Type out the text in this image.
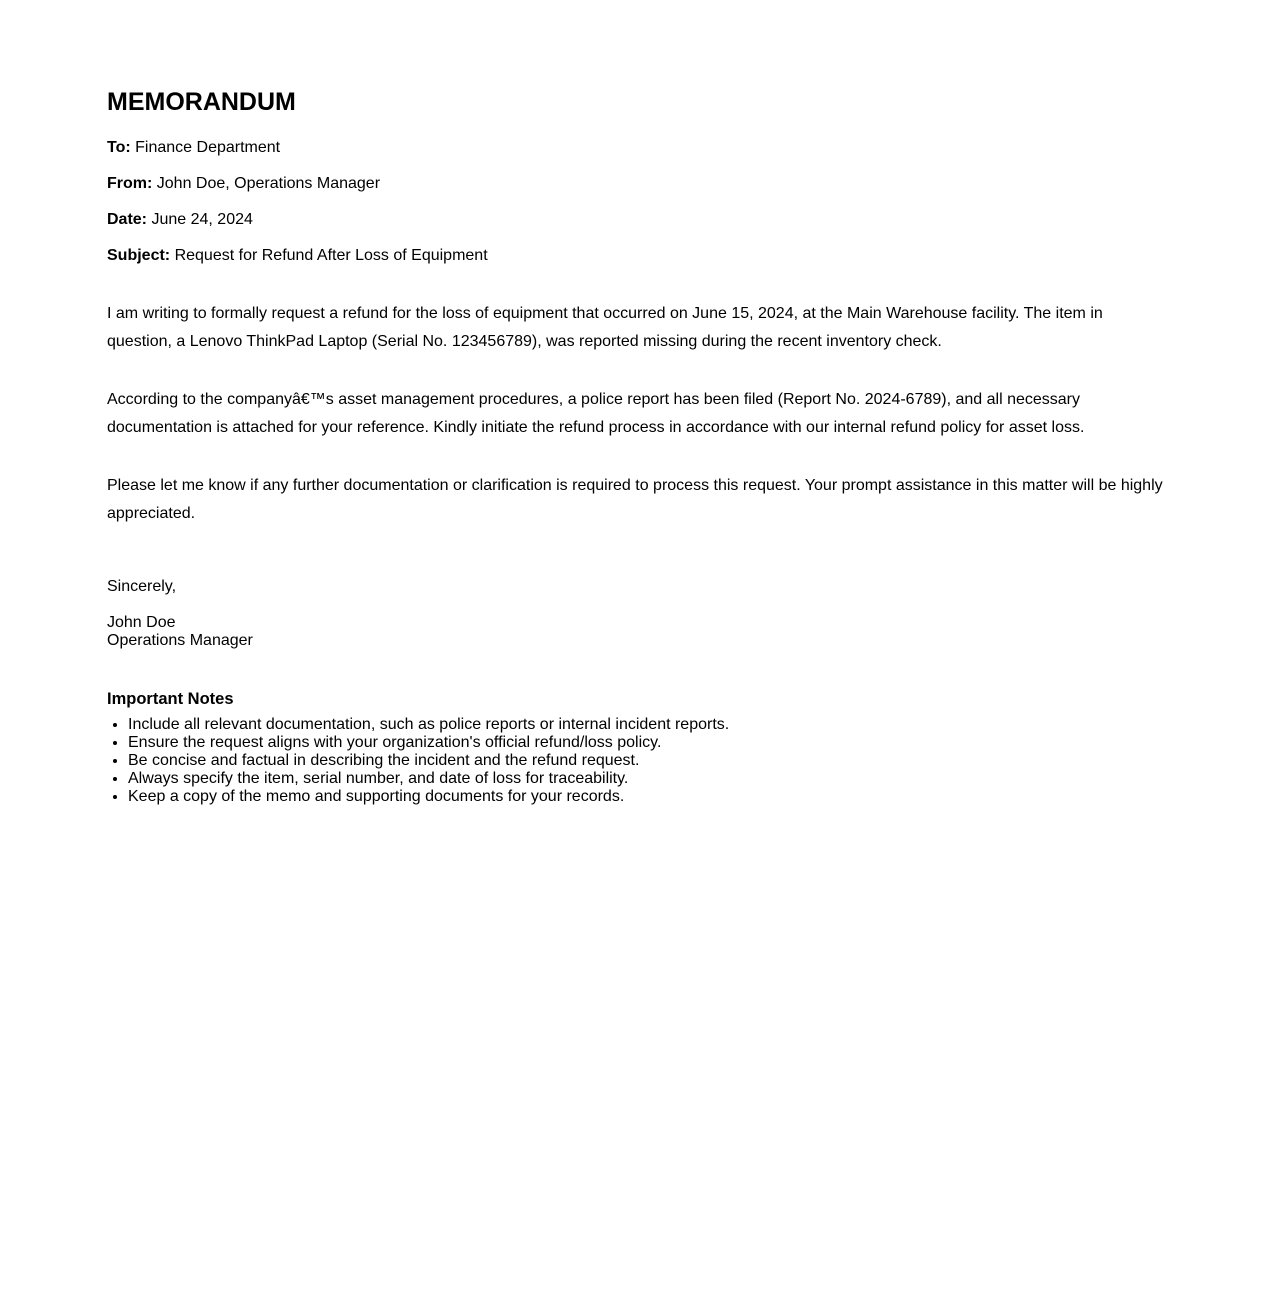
MEMORANDUM

To: Finance Department

From: John Doe, Operations Manager

Date: June 24, 2024

Subject: Request for Refund After Loss of Equipment

I am writing to formally request a refund for the loss of equipment that occurred on June 15, 2024, at the Main Warehouse facility. The item in question, a Lenovo ThinkPad Laptop (Serial No. 123456789), was reported missing during the recent inventory check.

According to the companyâ€™s asset management procedures, a police report has been filed (Report No. 2024-6789), and all necessary documentation is attached for your reference. Kindly initiate the refund process in accordance with our internal refund policy for asset loss.

Please let me know if any further documentation or clarification is required to process this request. Your prompt assistance in this matter will be highly appreciated.

Sincerely,

John Doe
Operations Manager
Important Notes
• Include all relevant documentation, such as police reports or internal incident reports.
• Ensure the request aligns with your organization's official refund/loss policy.
• Be concise and factual in describing the incident and the refund request.
• Always specify the item, serial number, and date of loss for traceability.
• Keep a copy of the memo and supporting documents for your records.
